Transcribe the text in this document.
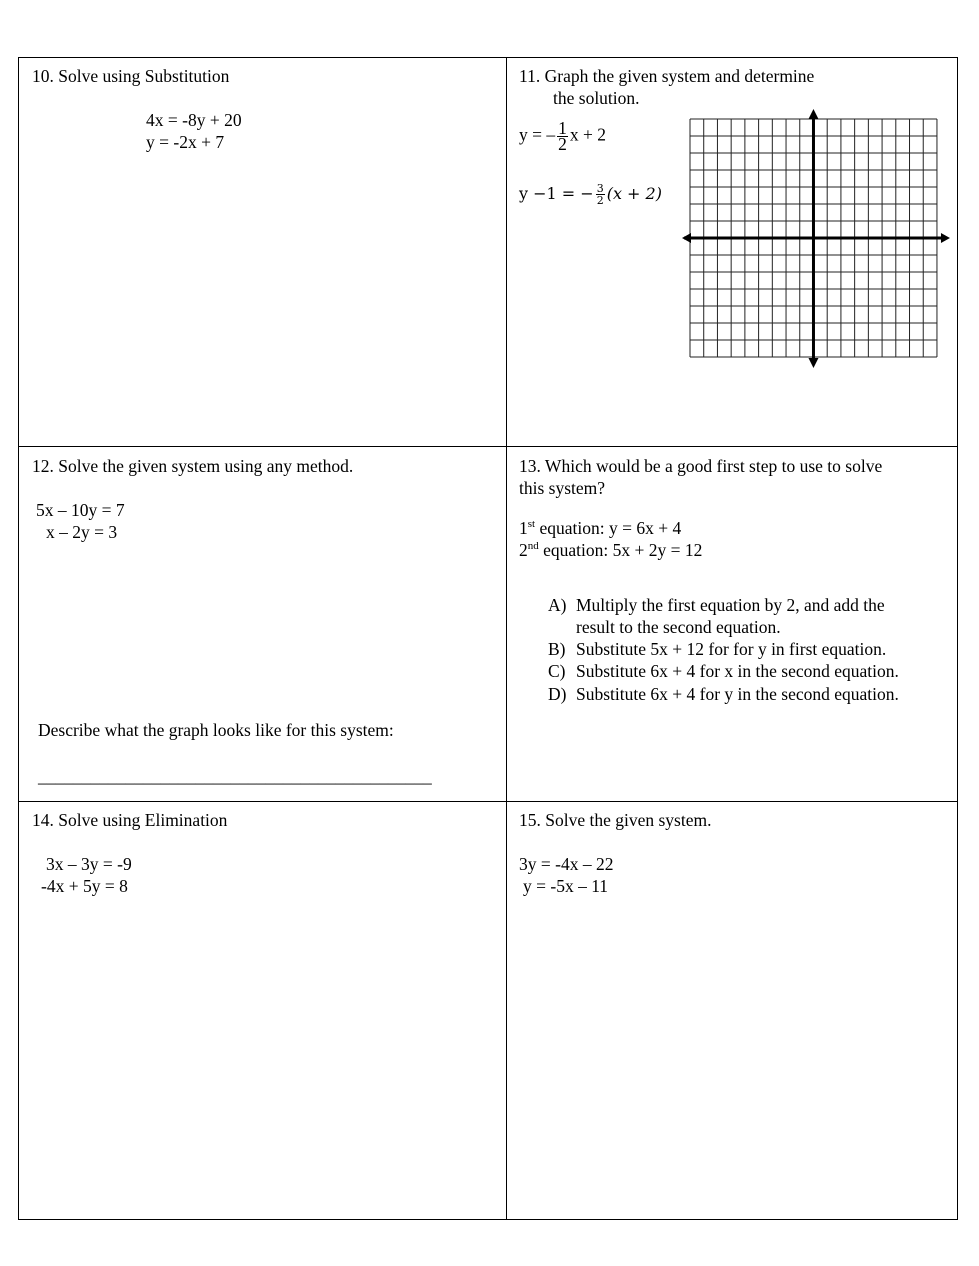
10. Solve using Substitution
4x = -8y + 20
y = -2x + 7
11. Graph the given system and determine
the solution.
y = – $\frac{1}{2}$ x + 2
y −1 = − $\frac{3}{2} (x + 2)$
12. Solve the given system using any method.
5x – 10y = 7
x – 2y = 3
Describe what the graph looks like for this system:
_____________________________________________
13. Which would be a good first step to use to solve
this system?
1st equation: y = 6x + 4
2nd equation: 5x + 2y = 12
A) Multiply the first equation by 2, and add the
result to the second equation.
B) Substitute 5x + 12 for for y in first equation.
C) Substitute 6x + 4 for x in the second equation.
D) Substitute 6x + 4 for y in the second equation.
14. Solve using Elimination
3x – 3y = -9
-4x + 5y = 8
15. Solve the given system.
3y = -4x – 22
y = -5x – 11
